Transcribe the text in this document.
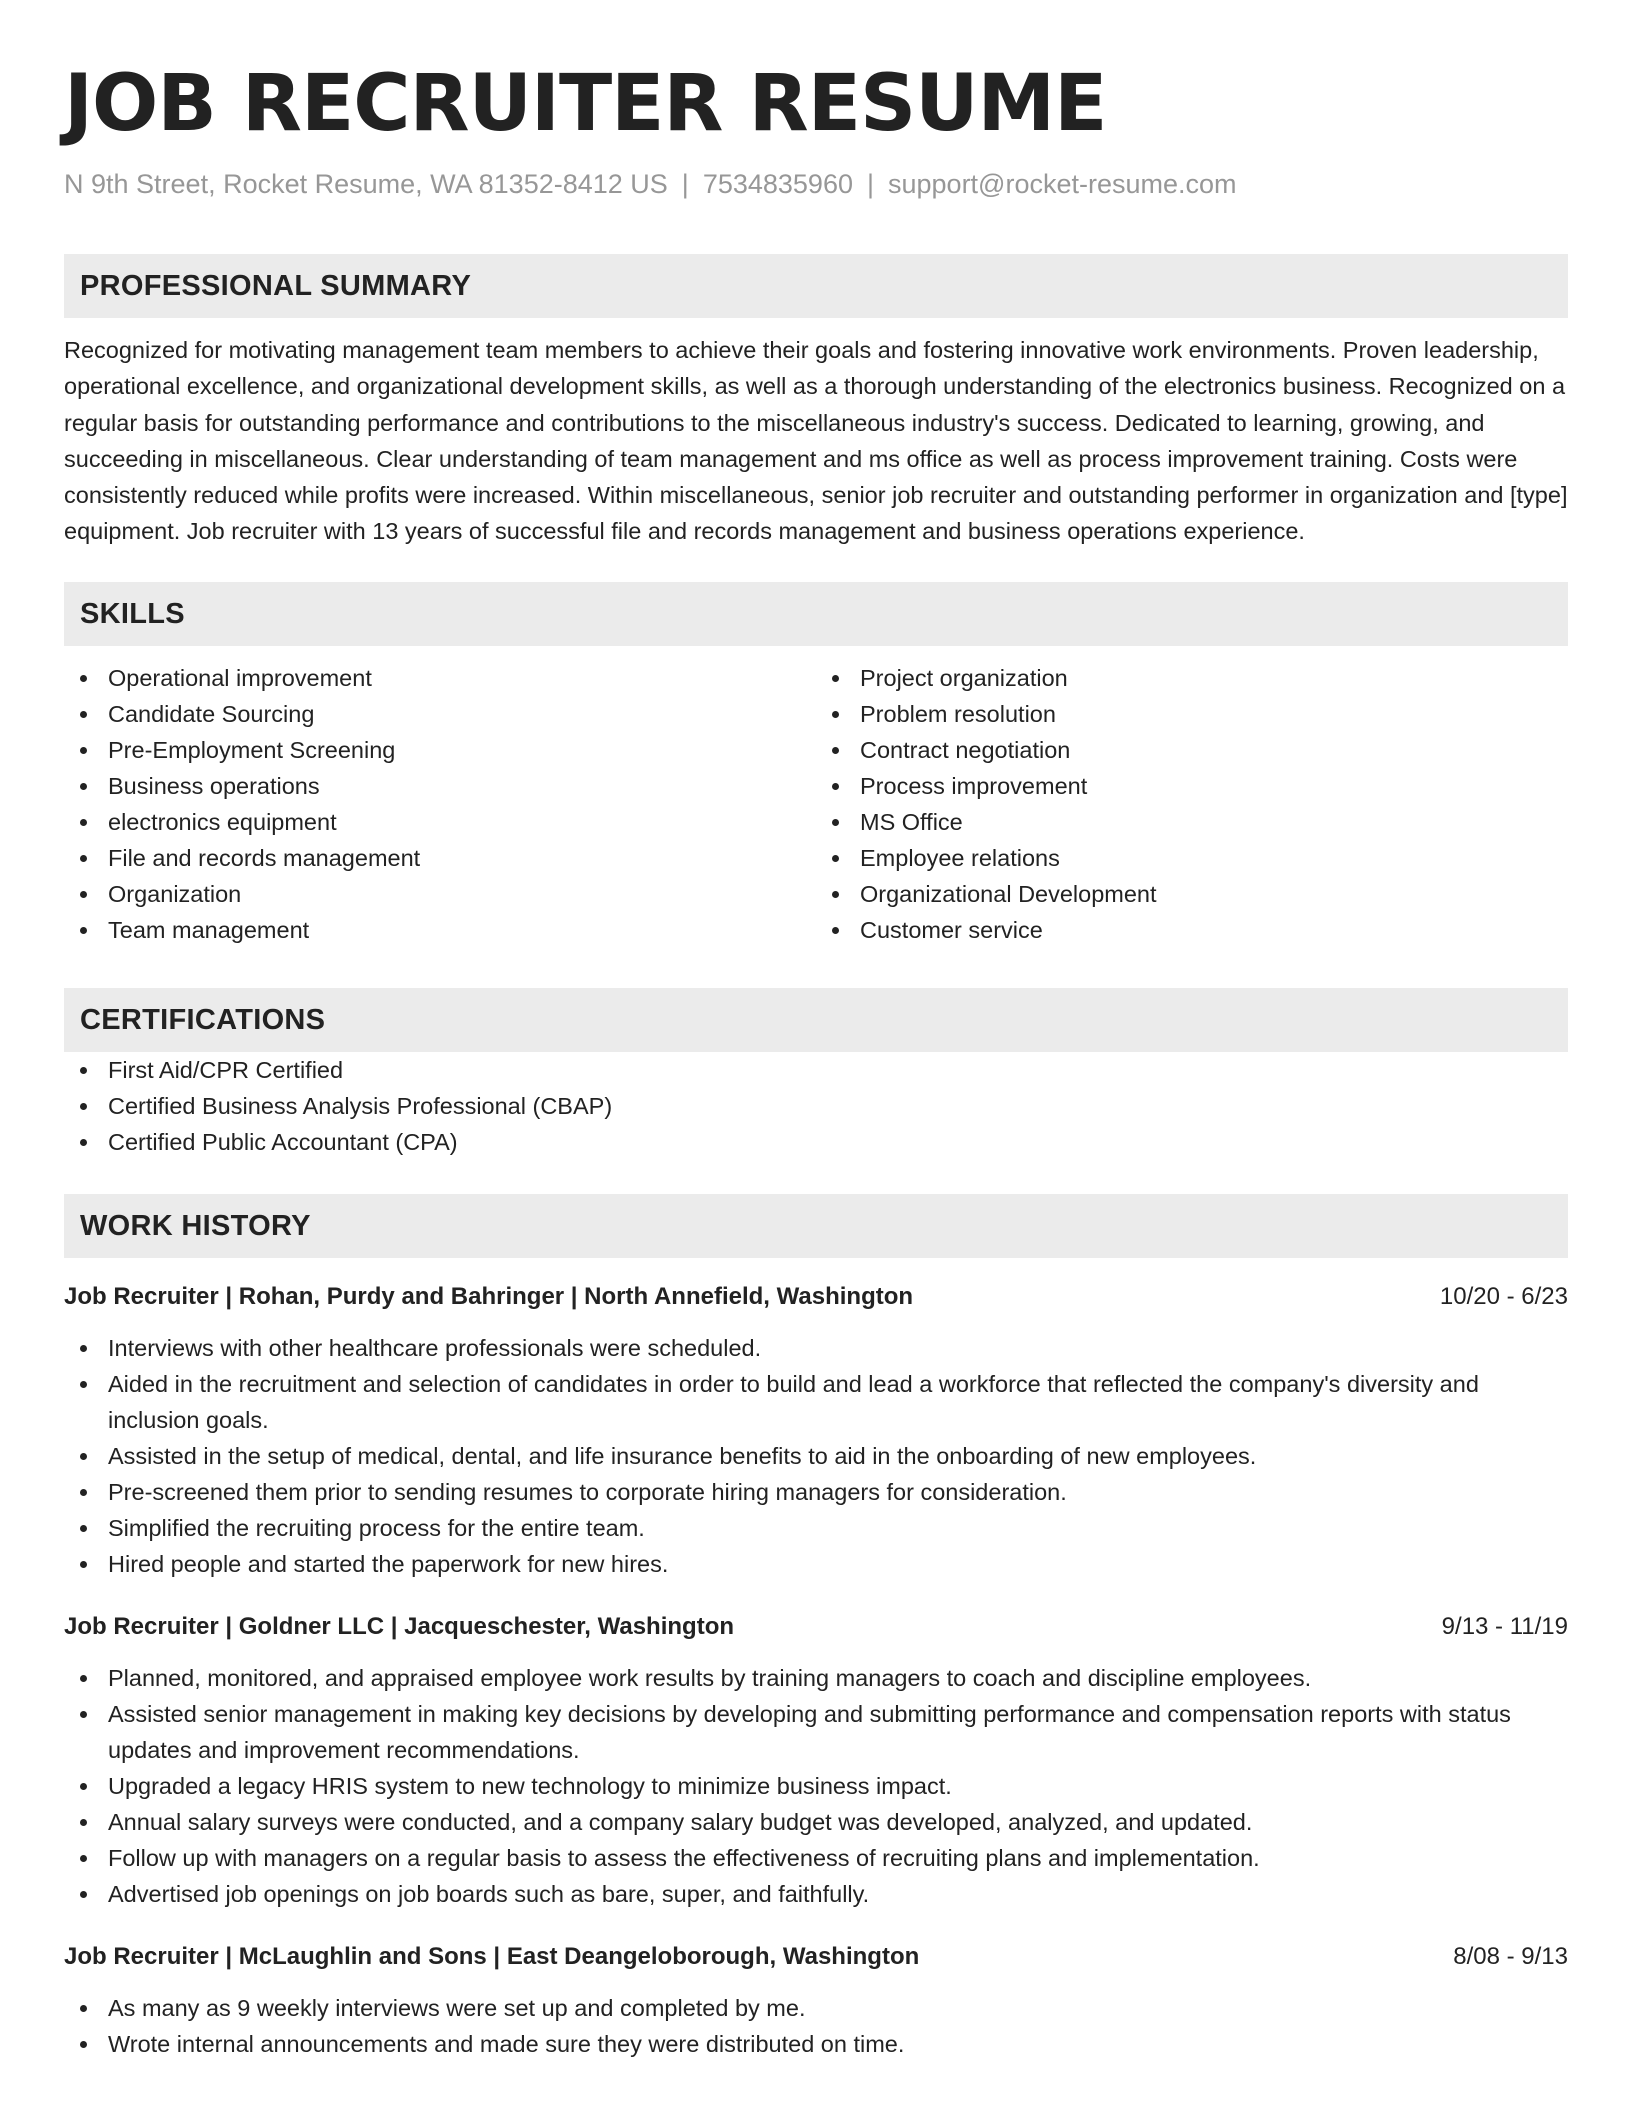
JOB RECRUITER RESUME
N 9th Street, Rocket Resume, WA 81352-8412 US | 7534835960 | support@rocket-resume.com
PROFESSIONAL SUMMARY
Recognized for motivating management team members to achieve their goals and fostering innovative work environments. Proven leadership, operational excellence, and organizational development skills, as well as a thorough understanding of the electronics business. Recognized on a regular basis for outstanding performance and contributions to the miscellaneous industry's success. Dedicated to learning, growing, and succeeding in miscellaneous. Clear understanding of team management and ms office as well as process improvement training. Costs were consistently reduced while profits were increased. Within miscellaneous, senior job recruiter and outstanding performer in organization and [type] equipment. Job recruiter with 13 years of successful file and records management and business operations experience.
SKILLS
Operational improvement
Candidate Sourcing
Pre-Employment Screening
Business operations
electronics equipment
File and records management
Organization
Team management
Project organization
Problem resolution
Contract negotiation
Process improvement
MS Office
Employee relations
Organizational Development
Customer service
CERTIFICATIONS
First Aid/CPR Certified
Certified Business Analysis Professional (CBAP)
Certified Public Accountant (CPA)
WORK HISTORY
Job Recruiter | Rohan, Purdy and Bahringer | North Annefield, Washington	10/20 - 6/23
Interviews with other healthcare professionals were scheduled.
Aided in the recruitment and selection of candidates in order to build and lead a workforce that reflected the company's diversity and inclusion goals.
Assisted in the setup of medical, dental, and life insurance benefits to aid in the onboarding of new employees.
Pre-screened them prior to sending resumes to corporate hiring managers for consideration.
Simplified the recruiting process for the entire team.
Hired people and started the paperwork for new hires.
Job Recruiter | Goldner LLC | Jacqueschester, Washington	9/13 - 11/19
Planned, monitored, and appraised employee work results by training managers to coach and discipline employees.
Assisted senior management in making key decisions by developing and submitting performance and compensation reports with status updates and improvement recommendations.
Upgraded a legacy HRIS system to new technology to minimize business impact.
Annual salary surveys were conducted, and a company salary budget was developed, analyzed, and updated.
Follow up with managers on a regular basis to assess the effectiveness of recruiting plans and implementation.
Advertised job openings on job boards such as bare, super, and faithfully.
Job Recruiter | McLaughlin and Sons | East Deangeloborough, Washington	8/08 - 9/13
As many as 9 weekly interviews were set up and completed by me.
Wrote internal announcements and made sure they were distributed on time.
